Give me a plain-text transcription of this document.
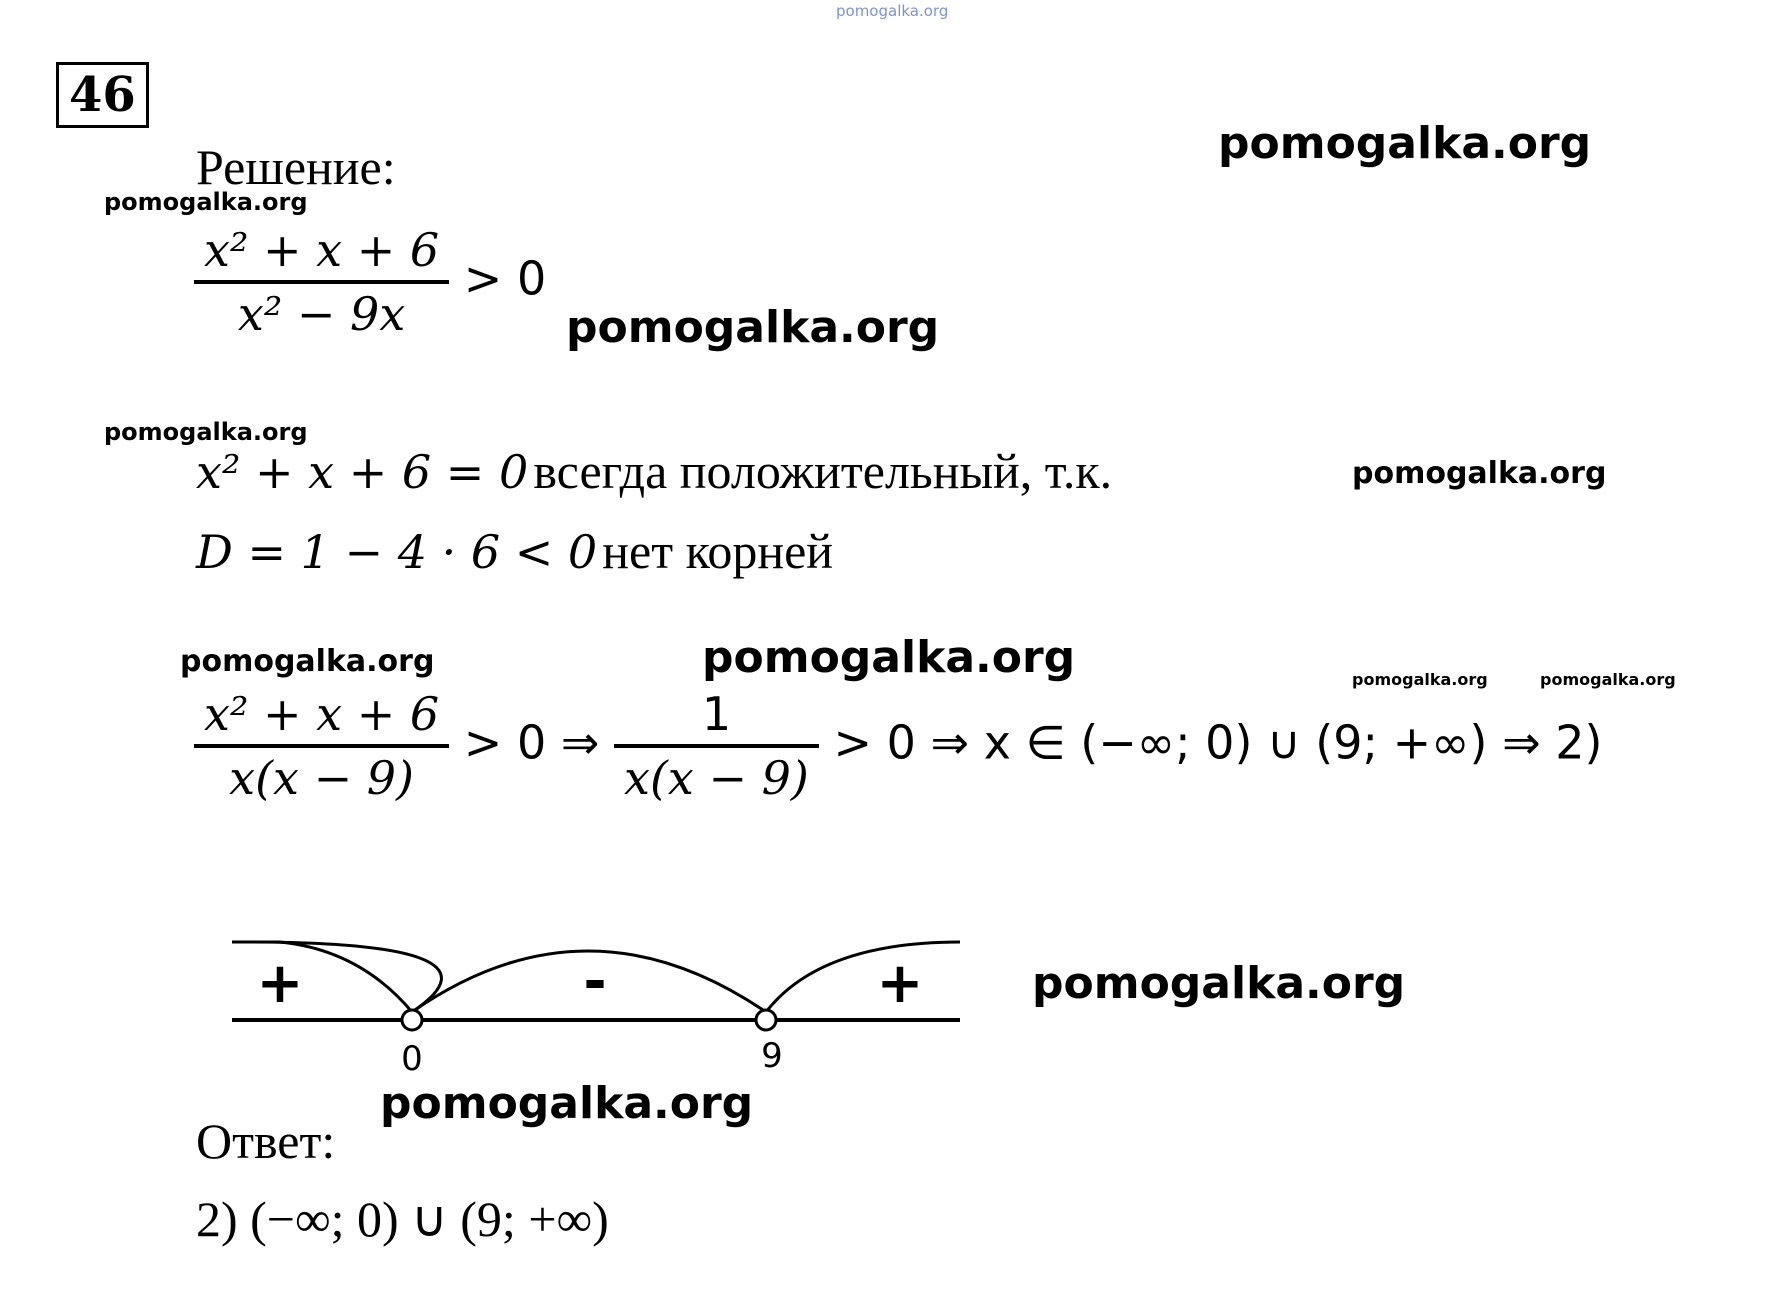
pomogalka.org
46
pomogalka.org
pomogalka.org
pomogalka.org
pomogalka.org
pomogalka.org
pomogalka.org	pomogalka.org	pomogalka.org	pomogalka.org
pomogalka.org
pomogalka.org
Решение:
$\frac{\text{x² + x + 6}}{\text{x² − 9x}} > 0$
x² + x + 6 = 0 всегда положительный, т.к.
D = 1 − 4 · 6 < 0 нет корней
$\frac{\text{x² + x + 6}}{x(x - 9)} > 0$ ⇒ $\frac{1}{x(x - 9)} > 0$ ⇒ x ∈ (−∞; 0) ∪ (9; +∞) ⇒ 2)
+	-	+
0	9
Ответ:
2) (−∞; 0) ∪ (9; +∞)
